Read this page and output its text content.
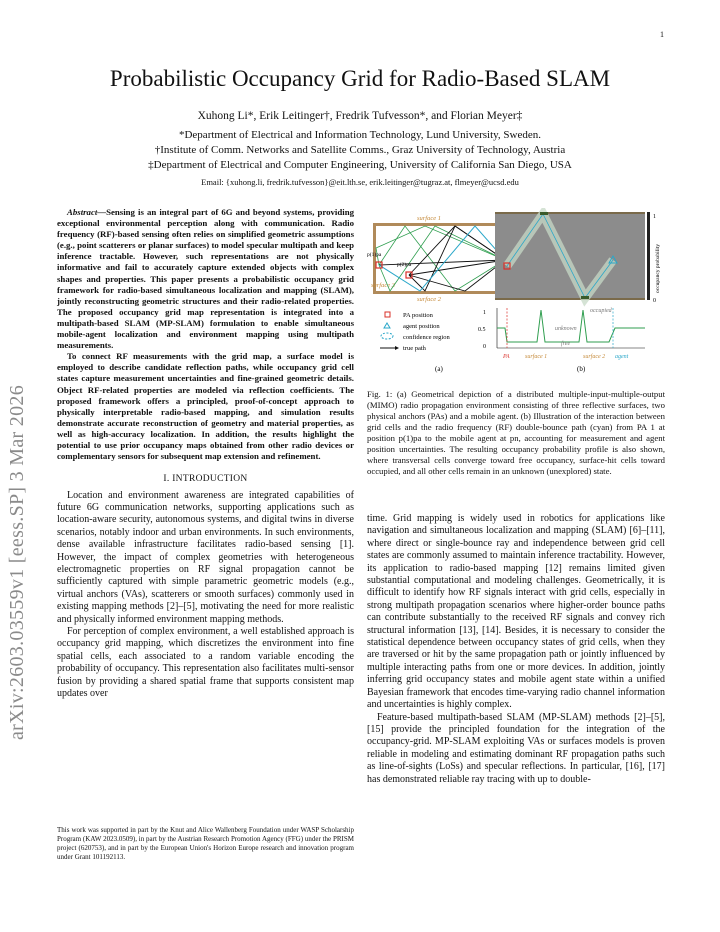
1
arXiv:2603.03559v1 [eess.SP] 3 Mar 2026
Probabilistic Occupancy Grid for Radio-Based SLAM
Xuhong Li*, Erik Leitinger†, Fredrik Tufvesson*, and Florian Meyer‡
*Department of Electrical and Information Technology, Lund University, Sweden.
†Institute of Comm. Networks and Satellite Comms., Graz University of Technology, Austria
‡Department of Electrical and Computer Engineering, University of California San Diego, USA
Email: {xuhong.li, fredrik.tufvesson}@eit.lth.se, erik.leitinger@tugraz.at, flmeyer@ucsd.edu

Abstract—Sensing is an integral part of 6G and beyond systems, providing exceptional environmental perception along with communication. Radio frequency (RF)-based sensing often relies on simplified geometric assumptions (e.g., point scatterers or planar surfaces) to model specular multipath and keep inference tractable. However, such representations are not physically informative and fail to accurately capture extended objects with complex shapes and properties. This paper presents a probabilistic occupancy grid framework for radio-based simultaneous localization and mapping (SLAM), jointly reconstructing geometric structures and their radio-related properties. The proposed occupancy grid map representation is integrated into a multipath-based SLAM (MP-SLAM) formulation to enable simultaneous mobile-agent localization and environment mapping using multipath measurements.

To connect RF measurements with the grid map, a surface model is employed to describe candidate reflection paths, while occupancy grid cell states capture measurement uncertainties and fine-grained geometric details. Object RF-related properties are modeled via reflection coefficients. The proposed framework offers a principled, proof-of-concept approach to physically interpretable radio-based mapping, and simulation results demonstrate accurate reconstruction of geometry and material properties, as well as high-accuracy localization. In addition, the results highlight the potential to use prior occupancy maps obtained from other radio devices or complementary sensors for subsequent map extension and refinement.

I. INTRODUCTION

Location and environment awareness are integrated capabilities of future 6G communication networks, supporting applications such as location-aware security, autonomous systems, and digital twins in diverse scenarios, notably indoor and urban environments. In such environments, dense available infrastructure facilitates radio-based sensing [1]. However, the impact of complex geometries with heterogeneous electromagnetic properties on RF signal propagation cannot be sufficiently captured with simple parametric geometric models (e.g., virtual anchors (VAs), scatterers or smooth surfaces) commonly used in existing mapping methods [2]–[5], motivating the need for more realistic and physically informed environment mapping methods.

For perception of complex environment, a well established approach is occupancy grid mapping, which discretizes the environment into fine spatial cells, each associated to a random variable encoding the probability of occupancy. This representation also facilitates multi-sensor fusion by providing a shared spatial frame that supports consistent map updates over

This work was supported in part by the Knut and Alice Wallenberg Foundation under WASP Scholarship Program (KAW 2023.0509), in part by the Austrian Research Promotion Agency (FFG) under the PRISM project (620753), and in part by the European Union's Horizon Europe research and innovation program under Grant 101192113.
surface 1
surface 2
surface 3
p(1)pa
p(2)pa
PA position
agent position
confidence region
true path
(a)
1
0
occupancy probability
1
0.5
0
occupied
unknown
free
PA	surface 1	surface 2 agent
(b)
Fig. 1: (a) Geometrical depiction of a distributed multiple-input-multiple-output (MIMO) radio propagation environment consisting of three reflective surfaces, two physical anchors (PAs) and a mobile agent. (b) Illustration of the interaction between grid cells and the radio frequency (RF) double-bounce path (cyan) from PA 1 at position p(1)pa to the mobile agent at pn, accounting for measurement and agent position uncertainties. The resulting occupancy probability profile is also shown, where transversal cells converge toward free occupancy, surface-hit cells toward occupied, and all other cells remain in an unknown (unexplored) state.

time. Grid mapping is widely used in robotics for applications like navigation and simultaneous localization and mapping (SLAM) [6]–[11], where direct or single-bounce ray and independence between grid cell states are commonly assumed to maintain inference tractability. However, its application to radio-based mapping [12] remains limited given substantial computational and modeling challenges. Geometrically, it is difficult to identify how RF signals interact with grid cells, especially in strong multipath propagation scenarios where higher-order bounce paths can contribute substantially to the received RF signals and convey rich structural information [13], [14]. Besides, it is necessary to consider the statistical dependence between occupancy states of grid cells, when they are traversed or hit by the same propagation path or jointly influenced by multiple interacting paths from one or more devices. In addition, jointly inferring grid occupancy states and mobile agent state within a unified Bayesian framework that encodes time-varying radio channel information and uncertainties is highly complex.

Feature-based multipath-based SLAM (MP-SLAM) methods [2]–[5], [15] provide the principled foundation for the integration of the occupancy-grid. MP-SLAM exploiting VAs or surfaces models is proven reliable in modeling and estimating dominant RF propagation paths such as line-of-sights (LoSs) and specular reflections. In particular, [16], [17] has demonstrated reliable ray tracing with up to double-
